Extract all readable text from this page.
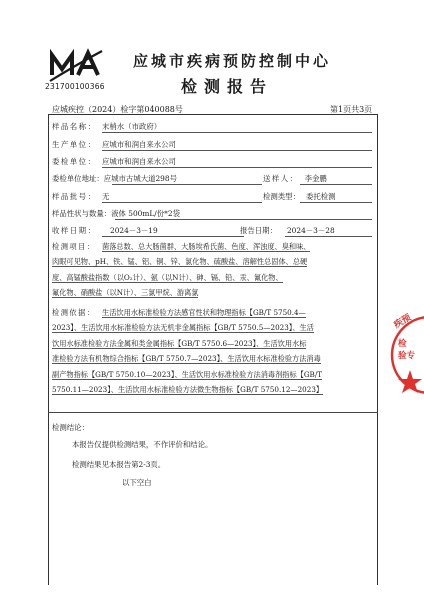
MA
231700100366
应城市疾病预防控制中心
检测报告
应城疾控（2024）检字第040088号	第1页共3页
样品名称： 末梢水（市政府）
生产单位： 应城市和润自来水公司
委检单位： 应城市和润自来水公司
委检单位地址：应城市古城大道298号	送样人： 李金鹏
样品批号： 无	检测类型： 委托检测
样品性状与数量：液体 500mL/份*2袋
收样日期： 2024－3－19	报告日期： 2024－3－28
检测项目： 菌落总数、总大肠菌群、大肠埃希氏菌、色度、浑浊度、臭和味、
肉眼可见物、pH、铁、锰、铝、铜、锌、氯化物、硫酸盐、溶解性总固体、总硬
度、高锰酸盐指数（以O₂计）、氨（以N计）、砷、镉、铅、汞、氰化物、
氟化物、硝酸盐（以N计）、三氯甲烷、游离氯
检测依据： 生活饮用水标准检验方法感官性状和物理指标【GB/T 5750.4—
2023】、生活饮用水标准检验方法无机非金属指标【GB/T 5750.5—2023】、生活
饮用水标准检验方法金属和类金属指标【GB/T 5750.6—2023】、生活饮用水标
准检验方法有机物综合指标【GB/T 5750.7—2023】、生活饮用水标准检验方法消毒
副产物指标【GB/T 5750.10—2023】、生活饮用水标准检验方法消毒剂指标【GB/T
5750.11—2023】、生活饮用水标准检验方法微生物指标【GB/T 5750.12—2023】
检测结论：
本报告仅提供检测结果，不作评价和结论。
检测结果见本报告第2-3页。
以下空白
疾预
检
验专
